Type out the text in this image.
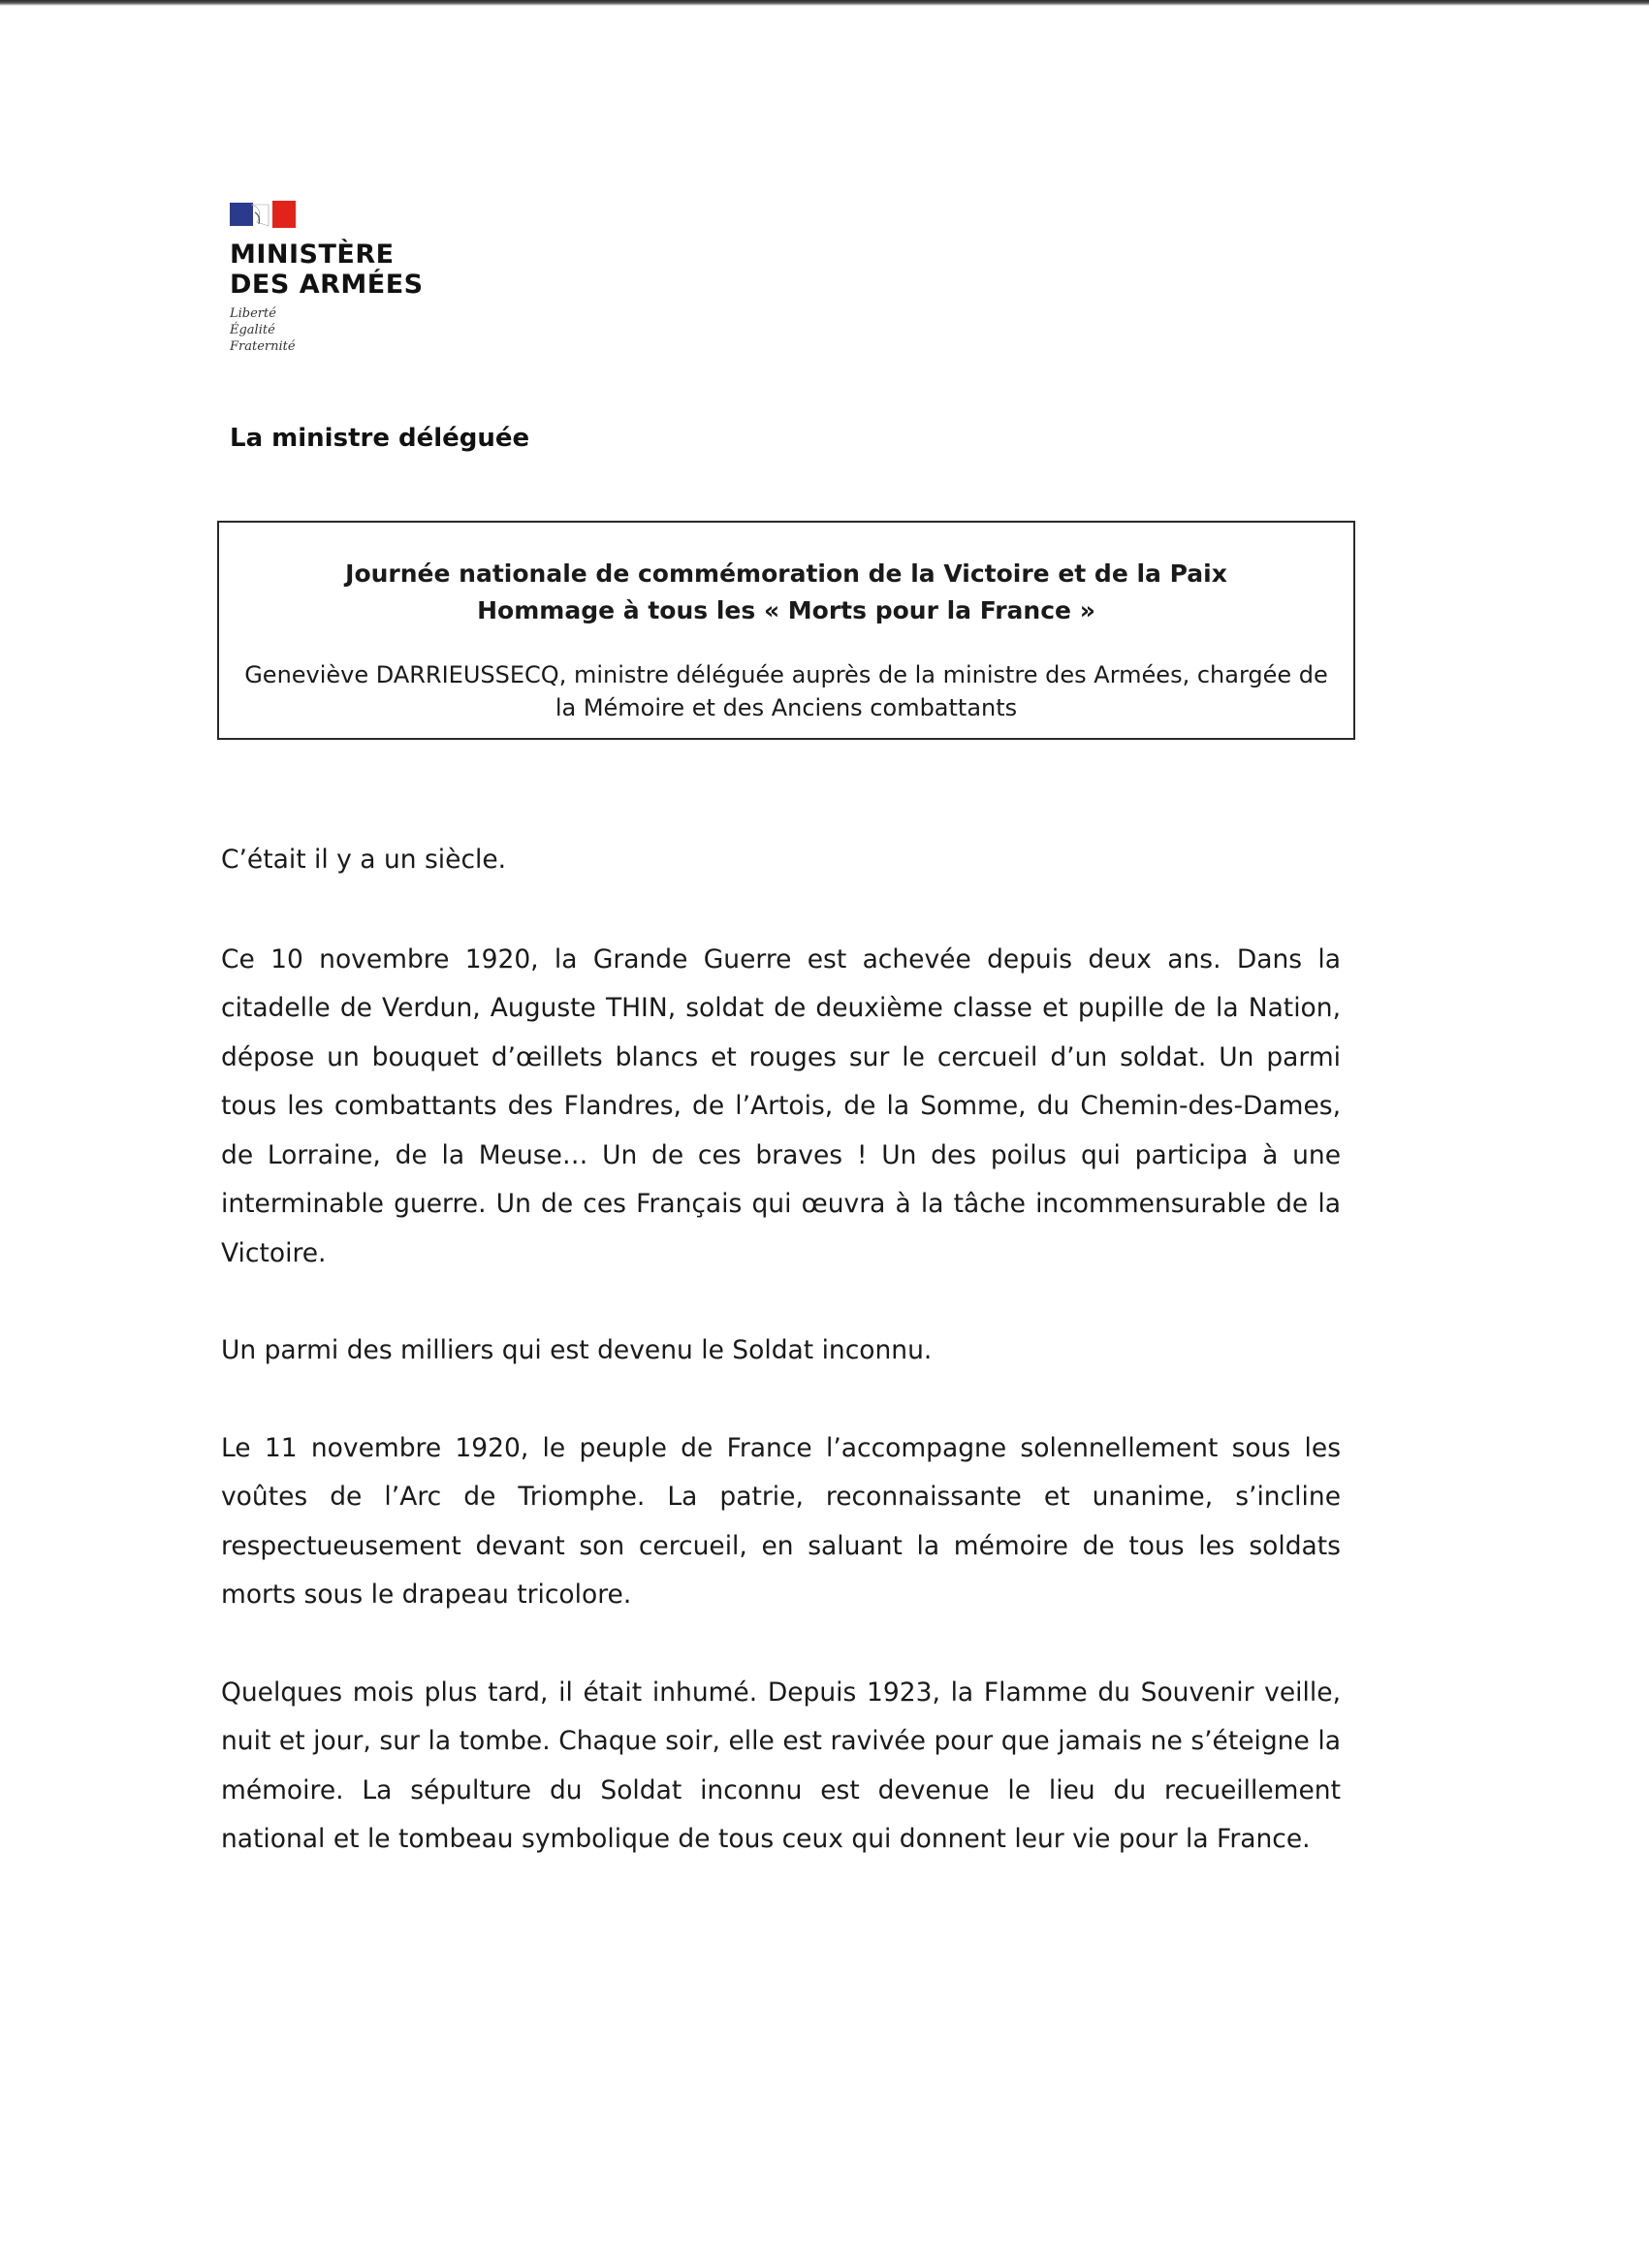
MINISTÈRE
DES ARMÉES
Liberté
Égalité
Fraternité
La ministre déléguée
Journée nationale de commémoration de la Victoire et de la Paix
Hommage à tous les « Morts pour la France »
Geneviève DARRIEUSSECQ, ministre déléguée auprès de la ministre des Armées, chargée de la Mémoire et des Anciens combattants

C’était il y a un siècle.

Ce 10 novembre 1920, la Grande Guerre est achevée depuis deux ans. Dans la citadelle de Verdun, Auguste THIN, soldat de deuxième classe et pupille de la Nation, dépose un bouquet d’œillets blancs et rouges sur le cercueil d’un soldat. Un parmi tous les combattants des Flandres, de l’Artois, de la Somme, du Chemin-des-Dames, de Lorraine, de la Meuse… Un de ces braves ! Un des poilus qui participa à une interminable guerre. Un de ces Français qui œuvra à la tâche incommensurable de la Victoire.

Un parmi des milliers qui est devenu le Soldat inconnu.

Le 11 novembre 1920, le peuple de France l’accompagne solennellement sous les voûtes de l’Arc de Triomphe. La patrie, reconnaissante et unanime, s’incline respectueusement devant son cercueil, en saluant la mémoire de tous les soldats morts sous le drapeau tricolore.

Quelques mois plus tard, il était inhumé. Depuis 1923, la Flamme du Souvenir veille, nuit et jour, sur la tombe. Chaque soir, elle est ravivée pour que jamais ne s’éteigne la mémoire. La sépulture du Soldat inconnu est devenue le lieu du recueillement national et le tombeau symbolique de tous ceux qui donnent leur vie pour la France.
